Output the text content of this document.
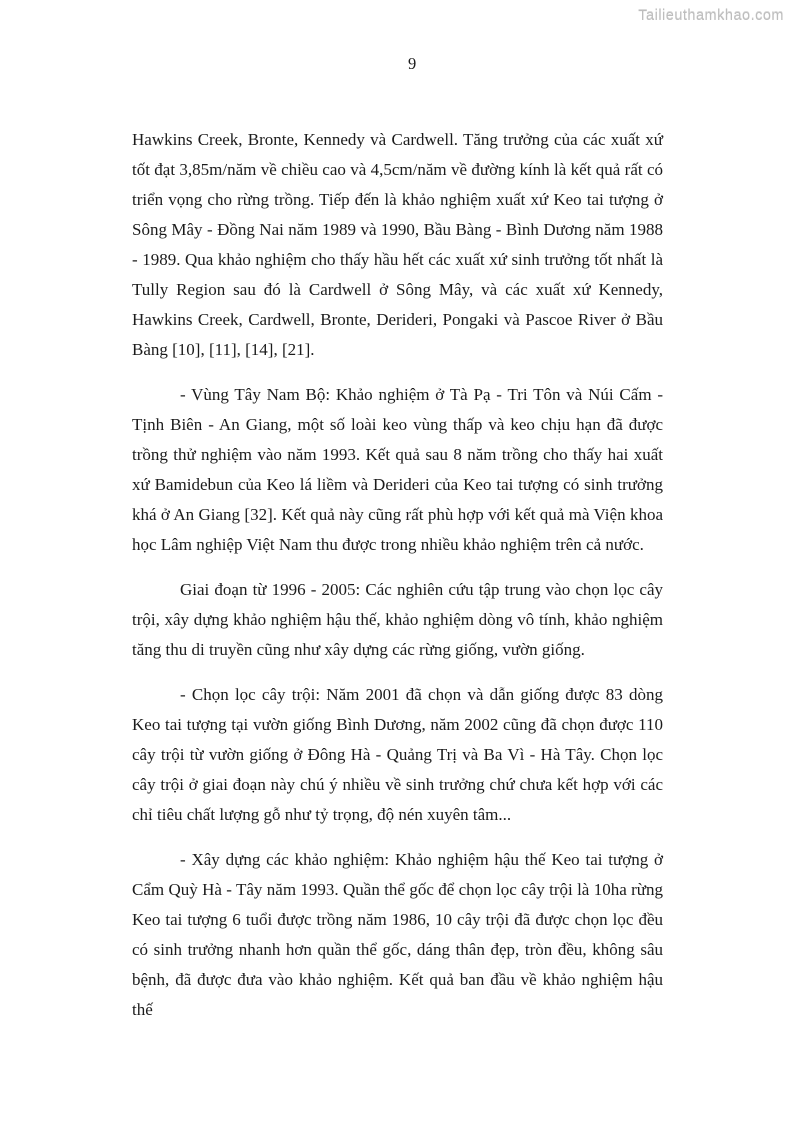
Tailieuthamkhao.com
9

Hawkins Creek, Bronte, Kennedy và Cardwell. Tăng trưởng của các xuất xứ tốt đạt 3,85m/năm về chiều cao và 4,5cm/năm về đường kính là kết quả rất có triển vọng cho rừng trồng. Tiếp đến là khảo nghiệm xuất xứ Keo tai tượng ở Sông Mây - Đồng Nai năm 1989 và 1990, Bầu Bàng - Bình Dương năm 1988 - 1989. Qua khảo nghiệm cho thấy hầu hết các xuất xứ sinh trưởng tốt nhất là Tully Region sau đó là Cardwell ở Sông Mây, và các xuất xứ Kennedy, Hawkins Creek, Cardwell, Bronte, Derideri, Pongaki và Pascoe River ở Bầu Bàng [10], [11], [14], [21].

- Vùng Tây Nam Bộ: Khảo nghiệm ở Tà Pạ - Tri Tôn và Núi Cấm - Tịnh Biên - An Giang, một số loài keo vùng thấp và keo chịu hạn đã được trồng thử nghiệm vào năm 1993. Kết quả sau 8 năm trồng cho thấy hai xuất xứ Bamidebun của Keo lá liềm và Derideri của Keo tai tượng có sinh trưởng khá ở An Giang [32]. Kết quả này cũng rất phù hợp với kết quả mà Viện khoa học Lâm nghiệp Việt Nam thu được trong nhiều khảo nghiệm trên cả nước.

Giai đoạn từ 1996 - 2005: Các nghiên cứu tập trung vào chọn lọc cây trội, xây dựng khảo nghiệm hậu thế, khảo nghiệm dòng vô tính, khảo nghiệm tăng thu di truyền cũng như xây dựng các rừng giống, vườn giống.

- Chọn lọc cây trội: Năm 2001 đã chọn và dẫn giống được 83 dòng Keo tai tượng tại vườn giống Bình Dương, năm 2002 cũng đã chọn được 110 cây trội từ vườn giống ở Đông Hà - Quảng Trị và Ba Vì - Hà Tây. Chọn lọc cây trội ở giai đoạn này chú ý nhiều về sinh trưởng chứ chưa kết hợp với các chỉ tiêu chất lượng gỗ như tỷ trọng, độ nén xuyên tâm...

- Xây dựng các khảo nghiệm: Khảo nghiệm hậu thế Keo tai tượng ở Cẩm Quỳ Hà - Tây năm 1993. Quần thể gốc để chọn lọc cây trội là 10ha rừng Keo tai tượng 6 tuổi được trồng năm 1986, 10 cây trội đã được chọn lọc đều có sinh trưởng nhanh hơn quần thể gốc, dáng thân đẹp, tròn đều, không sâu bệnh, đã được đưa vào khảo nghiệm. Kết quả ban đầu về khảo nghiệm hậu thế
